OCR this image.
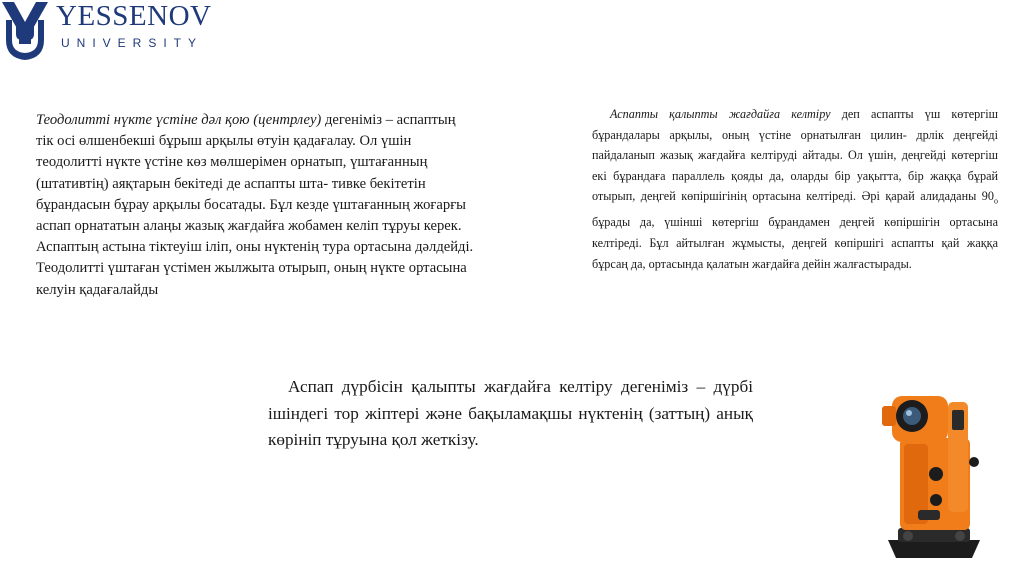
YESSENOV
UNIVERSITY
Теодолитті нүкте үстіне дәл қою (центрлеу) дегеніміз – аспаптың тік осі өлшенбекші бұрыш арқылы өтуін қадағалау. Ол үшін теодолитті нүкте үстіне көз мөлшерімен орнатып, үштағанның (штативтің) аяқтарын бекітеді де аспапты шта- тивке бекітетін бұрандасын бұрау арқылы босатады. Бұл кезде үштағанның жоғарғы аспап орнататын алаңы жазық жағдайға жобамен келіп тұруы керек. Аспаптың астына тіктеуіш іліп, оны нүктенің тура ортасына дәлдейді. Теодолитті үштаған үстімен жылжыта отырып, оның нүкте ортасына келуін қадағалайды
Аспапты қалыпты жағдайға келтіру деп аспапты үш көтергіш бұрандалары арқылы, оның үстіне орнатылған цилин- дрлік деңгейді пайдаланып жазық жағдайға келтіруді айтады. Ол үшін, деңгейді көтергіш екі бұрандаға параллель қояды да, оларды бір уақытта, бір жаққа бұрай отырып, деңгей көпіршігінің ортасына келтіреді. Әрі қарай алидаданы $90_о$ бұрады да, үшінші көтергіш бұрандамен деңгей көпіршігін ортасына келтіреді. Бұл айтылған жұмысты, деңгей көпіршігі аспапты қай жаққа бұрсаң да, ортасында қалатын жағдайға дейін жалғастырады.
Аспап дүрбісін қалыпты жағдайға келтіру дегеніміз – дүрбі ішіндегі тор жіптері және бақыламақшы нүктенің (заттың) анық көрініп тұруына қол жеткізу.
